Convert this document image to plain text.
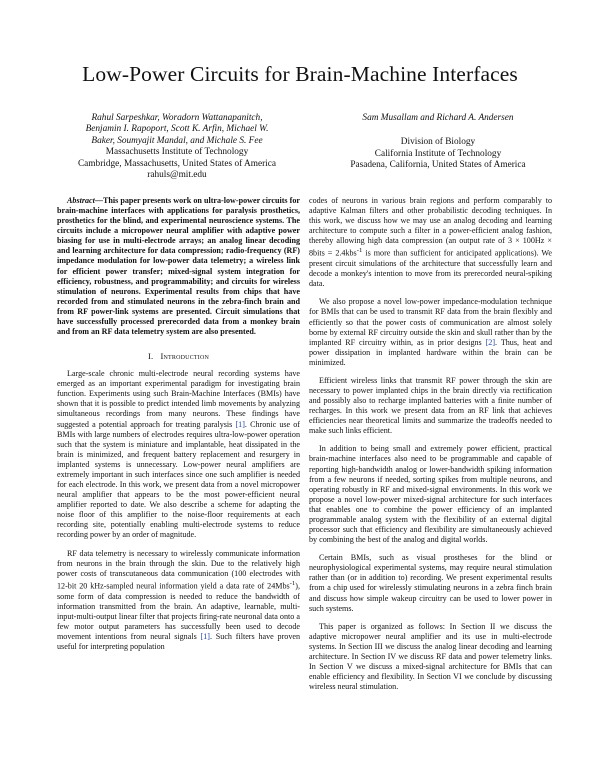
Low-Power Circuits for Brain-Machine Interfaces
Rahul Sarpeshkar, Woradorn Wattanapanitch,
Benjamin I. Rapoport, Scott K. Arfin, Michael W.
Baker, Soumyajit Mandal, and Michale S. Fee
Massachusetts Institute of Technology
Cambridge, Massachusetts, United States of America
rahuls@mit.edu
Sam Musallam and Richard A. Andersen
Division of Biology
California Institute of Technology
Pasadena, California, United States of America

Abstract—This paper presents work on ultra-low-power circuits for brain-machine interfaces with applications for paralysis prosthetics, prosthetics for the blind, and experimental neuroscience systems. The circuits include a micropower neural amplifier with adaptive power biasing for use in multi-electrode arrays; an analog linear decoding and learning architecture for data compression; radio-frequency (RF) impedance modulation for low-power data telemetry; a wireless link for efficient power transfer; mixed-signal system integration for efficiency, robustness, and programmability; and circuits for wireless stimulation of neurons. Experimental results from chips that have recorded from and stimulated neurons in the zebra-finch brain and from RF power-link systems are presented. Circuit simulations that have successfully processed prerecorded data from a monkey brain and from an RF data telemetry system are also presented.

I. Introduction

Large-scale chronic multi-electrode neural recording systems have emerged as an important experimental paradigm for investigating brain function. Experiments using such Brain-Machine Interfaces (BMIs) have shown that it is possible to predict intended limb movements by analyzing simultaneous recordings from many neurons. These findings have suggested a potential approach for treating paralysis [1]. Chronic use of BMIs with large numbers of electrodes requires ultra-low-power operation such that the system is miniature and implantable, heat dissipated in the brain is minimized, and frequent battery replacement and resurgery in implanted systems is unnecessary. Low-power neural amplifiers are extremely important in such interfaces since one such amplifier is needed for each electrode. In this work, we present data from a novel micropower neural amplifier that appears to be the most power-efficient neural amplifier reported to date. We also describe a scheme for adapting the noise floor of this amplifier to the noise-floor requirements at each recording site, potentially enabling multi-electrode systems to reduce recording power by an order of magnitude.

RF data telemetry is necessary to wirelessly communicate information from neurons in the brain through the skin. Due to the relatively high power costs of transcutaneous data communication (100 electrodes with 12-bit 20 kHz-sampled neural information yield a data rate of 24Mbs$^{-1}$), some form of data compression is needed to reduce the bandwidth of information transmitted from the brain. An adaptive, learnable, multi-input-multi-output linear filter that projects firing-rate neuronal data onto a few motor output parameters has successfully been used to decode movement intentions from neural signals [1]. Such filters have proven useful for interpreting population

codes of neurons in various brain regions and perform comparably to adaptive Kalman filters and other probabilistic decoding techniques. In this work, we discuss how we may use an analog decoding and learning architecture to compute such a filter in a power-efficient analog fashion, thereby allowing high data compression (an output rate of 3 × 100Hz × 8bits = 2.4kbs$^{-1}$ is more than sufficient for anticipated applications). We present circuit simulations of the architecture that successfully learn and decode a monkey's intention to move from its prerecorded neural-spiking data.

We also propose a novel low-power impedance-modulation technique for BMIs that can be used to transmit RF data from the brain flexibly and efficiently so that the power costs of communication are almost solely borne by external RF circuitry outside the skin and skull rather than by the implanted RF circuitry within, as in prior designs [2]. Thus, heat and power dissipation in implanted hardware within the brain can be minimized.

Efficient wireless links that transmit RF power through the skin are necessary to power implanted chips in the brain directly via rectification and possibly also to recharge implanted batteries with a finite number of recharges. In this work we present data from an RF link that achieves efficiencies near theoretical limits and summarize the tradeoffs needed to make such links efficient.

In addition to being small and extremely power efficient, practical brain-machine interfaces also need to be programmable and capable of reporting high-bandwidth analog or lower-bandwidth spiking information from a few neurons if needed, sorting spikes from multiple neurons, and operating robustly in RF and mixed-signal environments. In this work we propose a novel low-power mixed-signal architecture for such interfaces that enables one to combine the power efficiency of an implanted programmable analog system with the flexibility of an external digital processor such that efficiency and flexibility are simultaneously achieved by combining the best of the analog and digital worlds.

Certain BMIs, such as visual prostheses for the blind or neurophysiological experimental systems, may require neural stimulation rather than (or in addition to) recording. We present experimental results from a chip used for wirelessly stimulating neurons in a zebra finch brain and discuss how simple wakeup circuitry can be used to lower power in such systems.

This paper is organized as follows: In Section II we discuss the adaptive micropower neural amplifier and its use in multi-electrode systems. In Section III we discuss the analog linear decoding and learning architecture. In Section IV we discuss RF data and power telemetry links. In Section V we discuss a mixed-signal architecture for BMIs that can enable efficiency and flexibility. In Section VI we conclude by discussing wireless neural stimulation.
